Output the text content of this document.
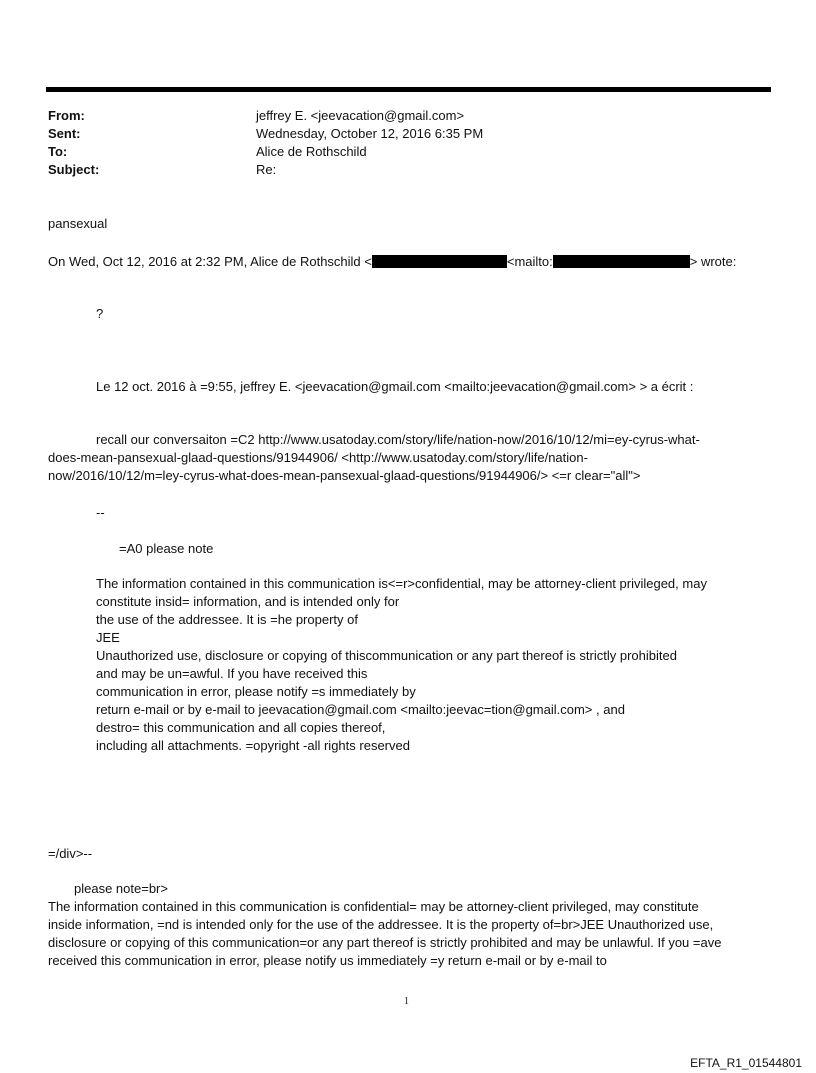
From:	jeffrey E. <jeevacation@gmail.com>
Sent:	Wednesday, October 12, 2016 6:35 PM
To:	Alice de Rothschild
Subject:	Re:
pansexual
On Wed, Oct 12, 2016 at 2:32 PM, Alice de Rothschild <	<mailto:	> wrote:
?
Le 12 oct. 2016 à =9:55, jeffrey E. <jeevacation@gmail.com <mailto:jeevacation@gmail.com> > a écrit :
recall our conversaiton =C2 http://www.usatoday.com/story/life/nation-now/2016/10/12/mi=ey-cyrus-what-
does-mean-pansexual-glaad-questions/91944906/ <http://www.usatoday.com/story/life/nation-
now/2016/10/12/m=ley-cyrus-what-does-mean-pansexual-glaad-questions/91944906/> <=r clear="all">
--
=A0 please note
The information contained in this communication is<=r>confidential, may be attorney-client privileged, may
constitute insid= information, and is intended only for
the use of the addressee. It is =he property of
JEE
Unauthorized use, disclosure or copying of thiscommunication or any part thereof is strictly prohibited
and may be un=awful. If you have received this
communication in error, please notify =s immediately by
return e-mail or by e-mail to jeevacation@gmail.com <mailto:jeevac=tion@gmail.com> , and
destro= this communication and all copies thereof,
including all attachments. =opyright -all rights reserved
=/div>--
please note=br>
The information contained in this communication is confidential= may be attorney-client privileged, may constitute
inside information, =nd is intended only for the use of the addressee. It is the property of=br>JEE Unauthorized use,
disclosure or copying of this communication=or any part thereof is strictly prohibited and may be unlawful. If you =ave
received this communication in error, please notify us immediately =y return e-mail or by e-mail to
1
EFTA_R1_01544801
